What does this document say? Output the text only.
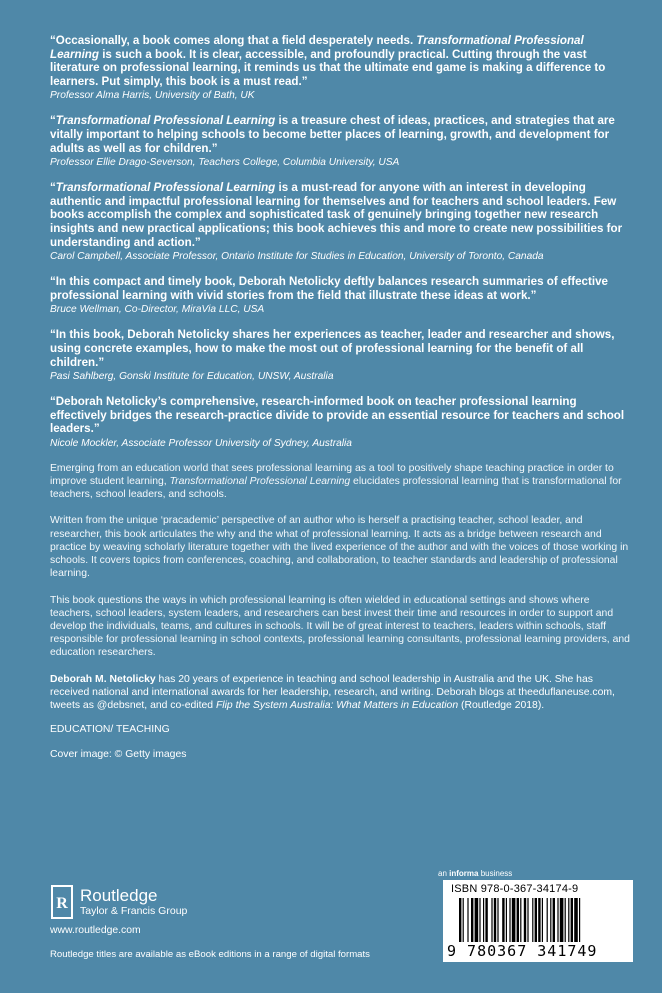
“Occasionally, a book comes along that a field desperately needs. Transformational Professional Learning is such a book. It is clear, accessible, and profoundly practical. Cutting through the vast literature on professional learning, it reminds us that the ultimate end game is making a difference to learners. Put simply, this book is a must read.”

Professor Alma Harris, University of Bath, UK

“Transformational Professional Learning is a treasure chest of ideas, practices, and strategies that are vitally important to helping schools to become better places of learning, growth, and development for adults as well as for children.”

Professor Ellie Drago-Severson, Teachers College, Columbia University, USA

“Transformational Professional Learning is a must-read for anyone with an interest in developing authentic and impactful professional learning for themselves and for teachers and school leaders. Few books accomplish the complex and sophisticated task of genuinely bringing together new research insights and new practical applications; this book achieves this and more to create new possibilities for understanding and action.”

Carol Campbell, Associate Professor, Ontario Institute for Studies in Education, University of Toronto, Canada

“In this compact and timely book, Deborah Netolicky deftly balances research summaries of effective professional learning with vivid stories from the field that illustrate these ideas at work.”

Bruce Wellman, Co-Director, MiraVia LLC, USA

“In this book, Deborah Netolicky shares her experiences as teacher, leader and researcher and shows, using concrete examples, how to make the most out of professional learning for the benefit of all children.”

Pasi Sahlberg, Gonski Institute for Education, UNSW, Australia

“Deborah Netolicky’s comprehensive, research-informed book on teacher professional learning effectively bridges the research-practice divide to provide an essential resource for teachers and school leaders.”

Nicole Mockler, Associate Professor University of Sydney, Australia

Emerging from an education world that sees professional learning as a tool to positively shape teaching practice in order to improve student learning, Transformational Professional Learning elucidates professional learning that is transformational for teachers, school leaders, and schools.

Written from the unique ‘pracademic’ perspective of an author who is herself a practising teacher, school leader, and researcher, this book articulates the why and the what of professional learning. It acts as a bridge between research and practice by weaving scholarly literature together with the lived experience of the author and with the voices of those working in schools. It covers topics from conferences, coaching, and collaboration, to teacher standards and leadership of professional learning.

This book questions the ways in which professional learning is often wielded in educational settings and shows where teachers, school leaders, system leaders, and researchers can best invest their time and resources in order to support and develop the individuals, teams, and cultures in schools. It will be of great interest to teachers, leaders within schools, staff responsible for professional learning in school contexts, professional learning consultants, professional learning providers, and education researchers.

Deborah M. Netolicky has 20 years of experience in teaching and school leadership in Australia and the UK. She has received national and international awards for her leadership, research, and writing. Deborah blogs at theeduflaneuse.com, tweets as @debsnet, and co-edited Flip the System Australia: What Matters in Education (Routledge 2018).

EDUCATION/ TEACHING

Cover image: © Getty images

R Routledge
Taylor & Francis Group
www.routledge.com
Routledge titles are available as eBook editions in a range of digital formats
an informa business
ISBN 978-0-367-34174-9
9 780367 341749
